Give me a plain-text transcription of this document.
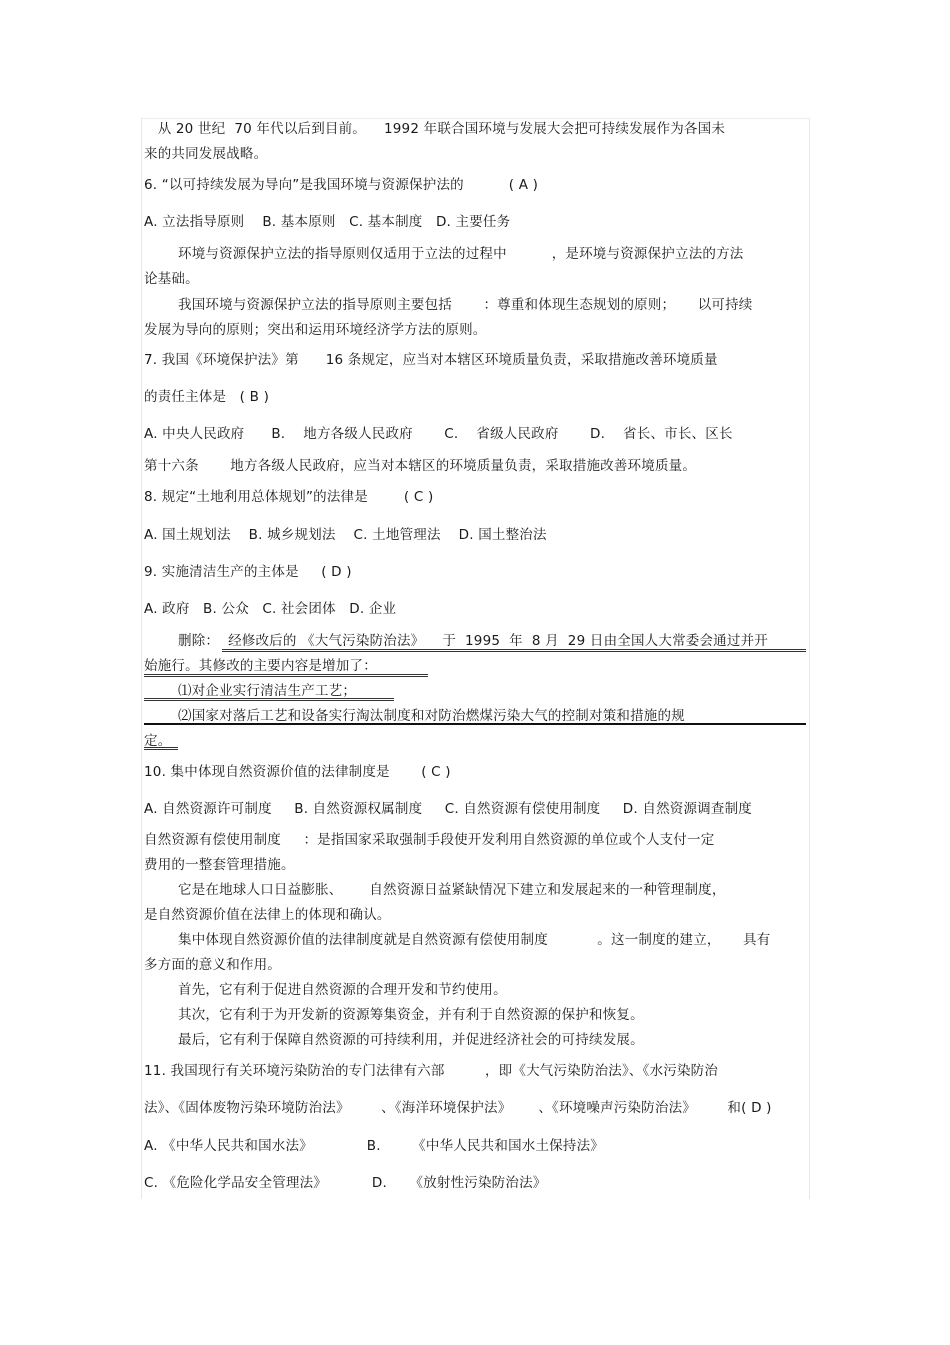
　从 20 世纪  70 年代以后到目前。    1992 年联合国环境与发展大会把可持续发展作为各国未
来的共同发展战略。
6. “以可持续发展为导向”是我国环境与资源保护法的          ( A )
A. 立法指导原则    B. 基本原则   C. 基本制度   D. 主要任务
环境与资源保护立法的指导原则仅适用于立法的过程中          ，是环境与资源保护立法的方法
论基础。
我国环境与资源保护立法的指导原则主要包括       ：尊重和体现生态规划的原则；     以可持续
发展为导向的原则；突出和运用环境经济学方法的原则。
7. 我国《环境保护法》第      16 条规定，应当对本辖区环境质量负责，采取措施改善环境质量
的责任主体是   ( B )
A. 中央人民政府      B.    地方各级人民政府       C.    省级人民政府       D.    省长、市长、区长
第十六条       地方各级人民政府，应当对本辖区的环境质量负责，采取措施改善环境质量。
8. 规定“土地利用总体规划”的法律是        ( C )
A. 国土规划法    B. 城乡规划法    C. 土地管理法    D. 国土整治法
9. 实施清洁生产的主体是     ( D )
A. 政府   B. 公众   C. 社会团体   D. 企业
删除：  经修改后的 《大气污染防治法》    于  1995  年  8 月  29 日由全国人大常委会通过并开
始施行。其修改的主要内容是增加了：
⑴对企业实行清洁生产工艺；
⑵国家对落后工艺和设备实行淘汰制度和对防治燃煤污染大气的控制对策和措施的规
定。
10. 集中体现自然资源价值的法律制度是       ( C )
A. 自然资源许可制度     B. 自然资源权属制度     C. 自然资源有偿使用制度     D. 自然资源调查制度
自然资源有偿使用制度     ：是指国家采取强制手段使开发利用自然资源的单位或个人支付一定
费用的一整套管理措施。
它是在地球人口日益膨胀、      自然资源日益紧缺情况下建立和发展起来的一种管理制度，
是自然资源价值在法律上的体现和确认。
集中体现自然资源价值的法律制度就是自然资源有偿使用制度           。这一制度的建立，     具有
多方面的意义和作用。
首先，它有利于促进自然资源的合理开发和节约使用。
其次，它有利于为开发新的资源筹集资金，并有利于自然资源的保护和恢复。
最后，它有利于保障自然资源的可持续利用，并促进经济社会的可持续发展。
11. 我国现行有关环境污染防治的专门法律有六部         ，即《大气污染防治法》、《水污染防治
法》、《固体废物污染环境防治法》       、《海洋环境保护法》      、《环境噪声污染防治法》       和( D )
A. 《中华人民共和国水法》            B.       《中华人民共和国水土保持法》
C. 《危险化学品安全管理法》          D.     《放射性污染防治法》
